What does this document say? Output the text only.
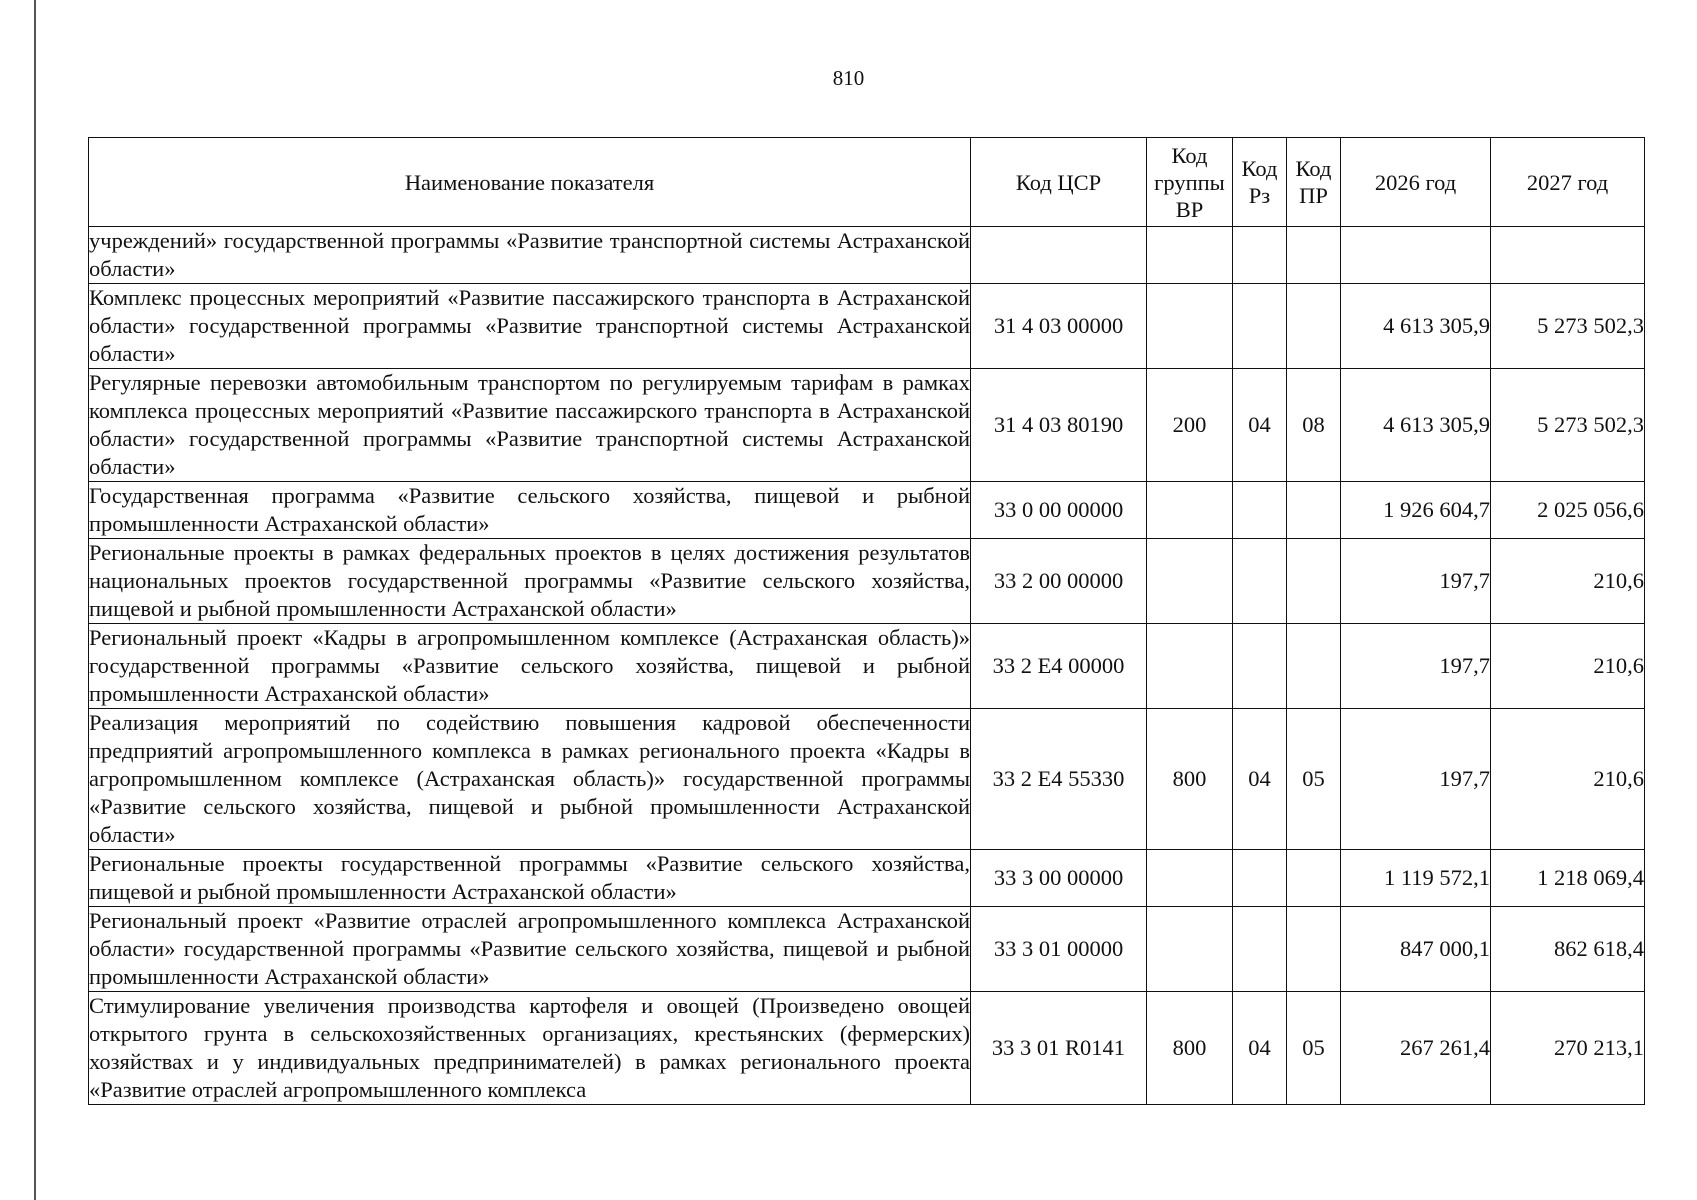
810
Наименование показателя	Код ЦСР	Код группы ВР	Код Рз	Код ПР	2026 год	2027 год
учреждений» государственной программы «Развитие транспортной системы Астраханской области»						
Комплекс процессных мероприятий «Развитие пассажирского транспорта в Астраханской области» государственной программы «Развитие транспортной системы Астраханской области»	31 4 03 00000				4 613 305,9	5 273 502,3
Регулярные перевозки автомобильным транспортом по регулируемым тарифам в рамках комплекса процессных мероприятий «Развитие пассажирского транспорта в Астраханской области» государственной программы «Развитие транспортной системы Астраханской области»	31 4 03 80190	200	04	08	4 613 305,9	5 273 502,3
Государственная программа «Развитие сельского хозяйства, пищевой и рыбной промышленности Астраханской области»	33 0 00 00000				1 926 604,7	2 025 056,6
Региональные проекты в рамках федеральных проектов в целях достижения результатов национальных проектов государственной программы «Развитие сельского хозяйства, пищевой и рыбной промышленности Астраханской области»	33 2 00 00000				197,7	210,6
Региональный проект «Кадры в агропромышленном комплексе (Астраханская область)» государственной программы «Развитие сельского хозяйства, пищевой и рыбной промышленности Астраханской области»	33 2 Е4 00000				197,7	210,6
Реализация мероприятий по содействию повышения кадровой обеспеченности предприятий агропромышленного комплекса в рамках регионального проекта «Кадры в агропромышленном комплексе (Астраханская область)» государственной программы «Развитие сельского хозяйства, пищевой и рыбной промышленности Астраханской области»	33 2 Е4 55330	800	04	05	197,7	210,6
Региональные проекты государственной программы «Развитие сельского хозяйства, пищевой и рыбной промышленности Астраханской области»	33 3 00 00000				1 119 572,1	1 218 069,4
Региональный проект «Развитие отраслей агропромышленного комплекса Астраханской области» государственной программы «Развитие сельского хозяйства, пищевой и рыбной промышленности Астраханской области»	33 3 01 00000				847 000,1	862 618,4
Стимулирование увеличения производства картофеля и овощей (Произведено овощей открытого грунта в сельскохозяйственных организациях, крестьянских (фермерских) хозяйствах и у индивидуальных предпринимателей) в рамках регионального проекта «Развитие отраслей агропромышленного комплекса	33 3 01 R0141	800	04	05	267 261,4	270 213,1
